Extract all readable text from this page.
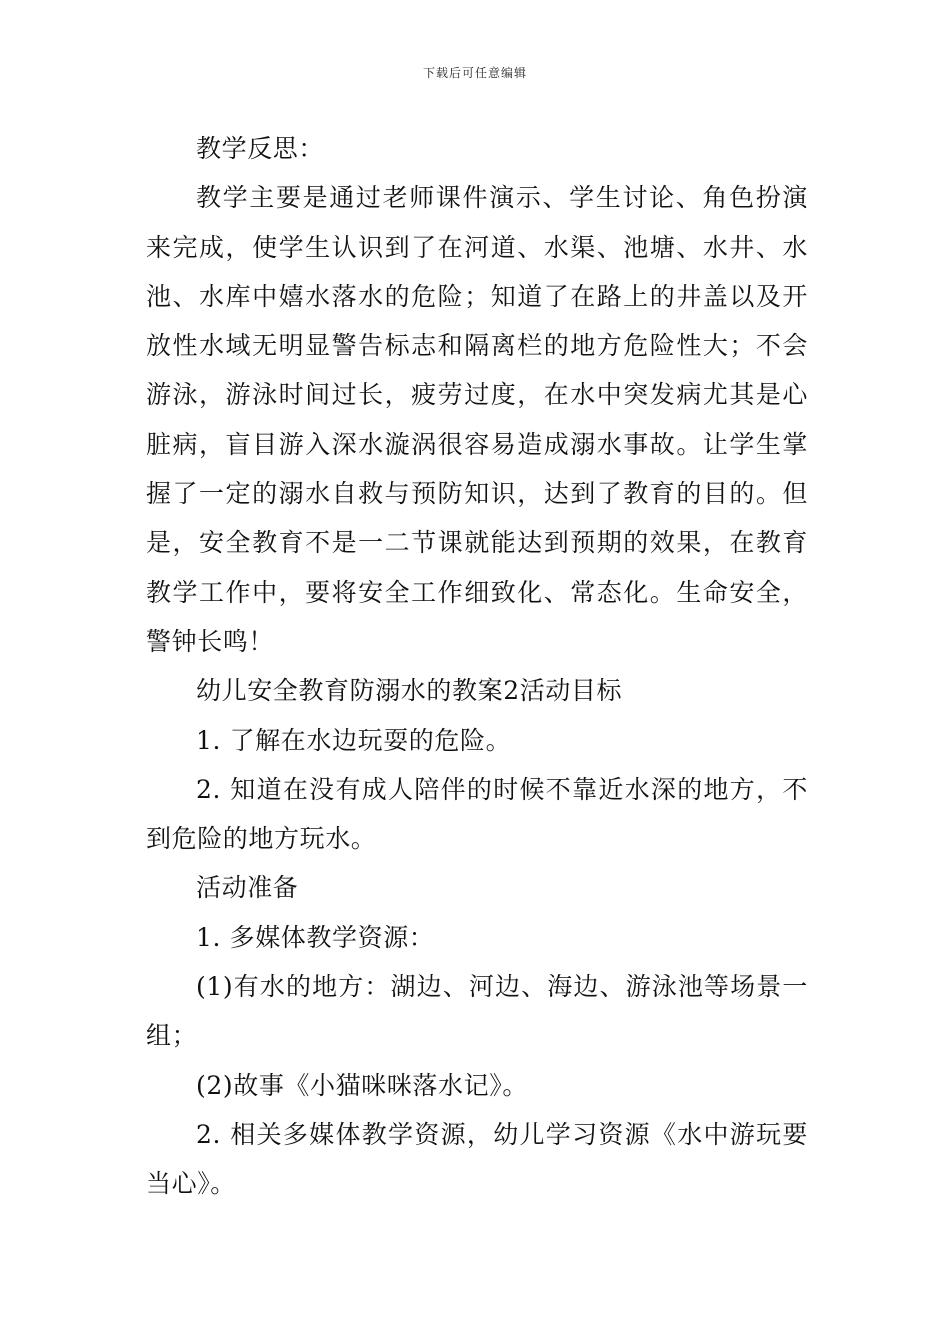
下载后可任意编辑

教学反思：

教学主要是通过老师课件演示、学生讨论、角色扮演来完成，使学生认识到了在河道、水渠、池塘、水井、水池、水库中嬉水落水的危险；知道了在路上的井盖以及开放性水域无明显警告标志和隔离栏的地方危险性大；不会游泳，游泳时间过长，疲劳过度，在水中突发病尤其是心脏病，盲目游入深水漩涡很容易造成溺水事故。让学生掌握了一定的溺水自救与预防知识，达到了教育的目的。但是，安全教育不是一二节课就能达到预期的效果，在教育教学工作中，要将安全工作细致化、常态化。生命安全，警钟长鸣！

幼儿安全教育防溺水的教案2活动目标

1. 了解在水边玩耍的危险。

2. 知道在没有成人陪伴的时候不靠近水深的地方，不到危险的地方玩水。

活动准备

1. 多媒体教学资源：

(1)有水的地方：湖边、河边、海边、游泳池等场景一组；

(2)故事《小猫咪咪落水记》。

2. 相关多媒体教学资源，幼儿学习资源《水中游玩要当心》。
